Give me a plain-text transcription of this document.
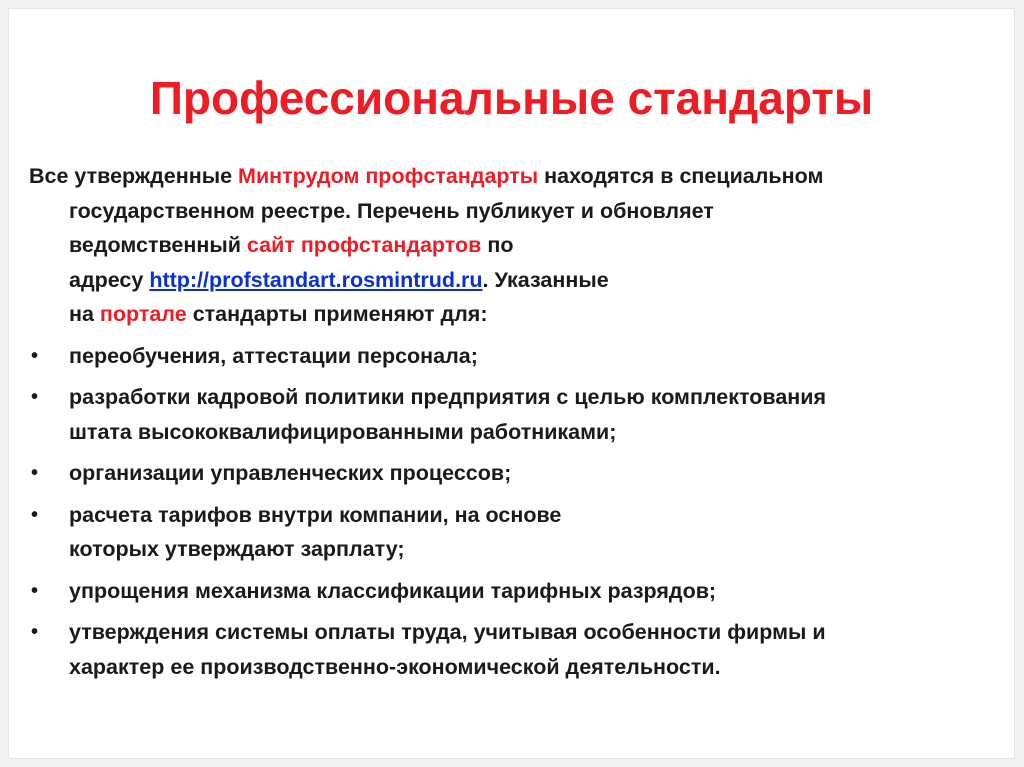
Профессиональные стандарты
Все утвержденные Минтрудом профстандарты находятся в специальном
государственном реестре. Перечень публикует и обновляет
ведомственный сайт профстандартов по
адресу http://profstandart.rosmintrud.ru. Указанные
на портале стандарты применяют для:
• переобучения, аттестации персонала;
• разработки кадровой политики предприятия с целью комплектования
штата высококвалифицированными работниками;
• организации управленческих процессов;
• расчета тарифов внутри компании, на основе
которых утверждают зарплату;
• упрощения механизма классификации тарифных разрядов;
• утверждения системы оплаты труда, учитывая особенности фирмы и
характер ее производственно-экономической деятельности.
